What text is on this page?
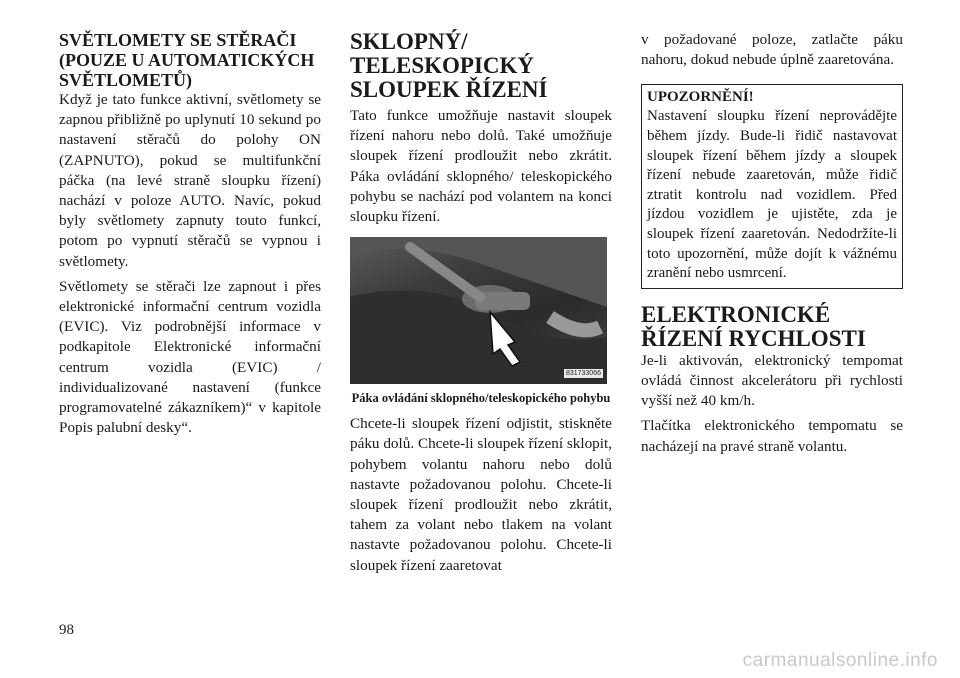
SVĚTLOMETY SE STĚRAČI (POUZE U AUTOMATICKÝCH SVĚTLOMETŮ)

Když je tato funkce aktivní, světlomety se zapnou přibližně po uplynutí 10 sekund po nastavení stěračů do polohy ON (ZAPNUTO), pokud se multifunkční páčka (na levé straně sloupku řízení) nachází v poloze AUTO. Navíc, pokud byly světlomety zapnuty touto funkcí, potom po vypnutí stěračů se vypnou i světlomety.

Světlomety se stěrači lze zapnout i přes elektronické informační centrum vozidla (EVIC). Viz podrobnější informace v podkapitole Elektronické informační centrum vozidla (EVIC) / individualizované nastavení (funkce programovatelné zákazníkem)“ v kapitole Popis palubní desky“.

SKLOPNÝ/ TELESKOPICKÝ SLOUPEK ŘÍZENÍ

Tato funkce umožňuje nastavit sloupek řízení nahoru nebo dolů. Také umožňuje sloupek řízení prodloužit nebo zkrátit. Páka ovládání sklopného/ teleskopického pohybu se nachází pod volantem na konci sloupku řízení.

831733066
Páka ovládání sklopného/teleskopického pohybu

Chcete-li sloupek řízení odjistit, stiskněte páku dolů. Chcete-li sloupek řízení sklopit, pohybem volantu nahoru nebo dolů nastavte požadovanou polohu. Chcete-li sloupek řízení prodloužit nebo zkrátit, tahem za volant nebo tlakem na volant nastavte požadovanou polohu. Chcete-li sloupek řízení zaaretovat

v požadované poloze, zatlačte páku nahoru, dokud nebude úplně zaaretována.

UPOZORNĚNÍ!

Nastavení sloupku řízení neprovádějte během jízdy. Bude-li řidič nastavovat sloupek řízení během jízdy a sloupek řízení nebude zaaretován, může řidič ztratit kontrolu nad vozidlem. Před jízdou vozidlem je ujistěte, zda je sloupek řízení zaaretován. Nedodržíte-li toto upozornění, může dojít k vážnému zranění nebo usmrcení.

ELEKTRONICKÉ ŘÍZENÍ RYCHLOSTI

Je-li aktivován, elektronický tempomat ovládá činnost akcelerátoru při rychlosti vyšší než 40 km/h.

Tlačítka elektronického tempomatu se nacházejí na pravé straně volantu.

98
carmanualsonline.info
